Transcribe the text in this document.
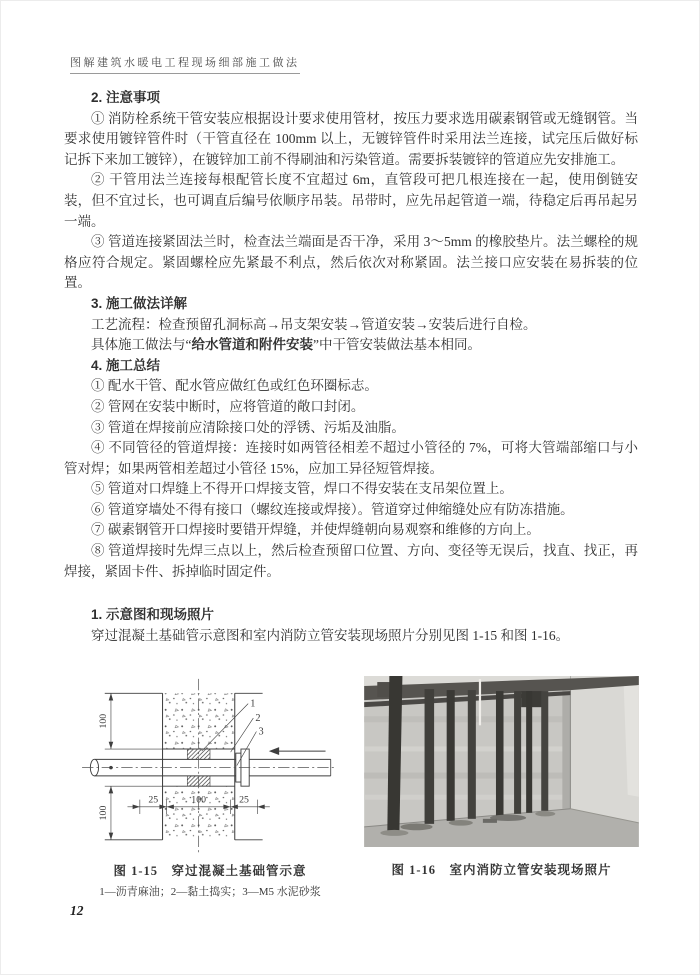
图解建筑水暖电工程现场细部施工做法

2. 注意事项

① 消防栓系统干管安装应根据设计要求使用管材，按压力要求选用碳素钢管或无缝钢管。当要求使用镀锌管件时（干管直径在 100mm 以上，无镀锌管件时采用法兰连接，试完压后做好标记拆下来加工镀锌），在镀锌加工前不得刷油和污染管道。需要拆装镀锌的管道应先安排施工。

② 干管用法兰连接每根配管长度不宜超过 6m，直管段可把几根连接在一起，使用倒链安装，但不宜过长，也可调直后编号依顺序吊装。吊带时，应先吊起管道一端，待稳定后再吊起另一端。

③ 管道连接紧固法兰时，检查法兰端面是否干净，采用 3～5mm 的橡胶垫片。法兰螺栓的规格应符合规定。紧固螺栓应先紧最不利点，然后依次对称紧固。法兰接口应安装在易拆装的位置。

3. 施工做法详解

工艺流程：检查预留孔洞标高→吊支架安装→管道安装→安装后进行自检。

具体施工做法与“给水管道和附件安装”中干管安装做法基本相同。

4. 施工总结

① 配水干管、配水管应做红色或红色环圈标志。

② 管网在安装中断时，应将管道的敞口封闭。

③ 管道在焊接前应清除接口处的浮锈、污垢及油脂。

④ 不同管径的管道焊接：连接时如两管径相差不超过小管径的 7%，可将大管端部缩口与小管对焊；如果两管相差超过小管径 15%，应加工异径短管焊接。

⑤ 管道对口焊缝上不得开口焊接支管，焊口不得安装在支吊架位置上。

⑥ 管道穿墙处不得有接口（螺纹连接或焊接）。管道穿过伸缩缝处应有防冻措施。

⑦ 碳素钢管开口焊接时要错开焊缝，并使焊缝朝向易观察和维修的方向上。

⑧ 管道焊接时先焊三点以上，然后检查预留口位置、方向、变径等无误后，找直、找正，再焊接，紧固卡件、拆掉临时固定件。

1. 示意图和现场照片

穿过混凝土基础管示意图和室内消防立管安装现场照片分别见图 1-15 和图 1-16。

100
100
25	100	25
1
2
3
图 1-15　穿过混凝土基础管示意
1—沥青麻油；2—黏土捣实；3—M5 水泥砂浆
图 1-16　室内消防立管安装现场照片
12
